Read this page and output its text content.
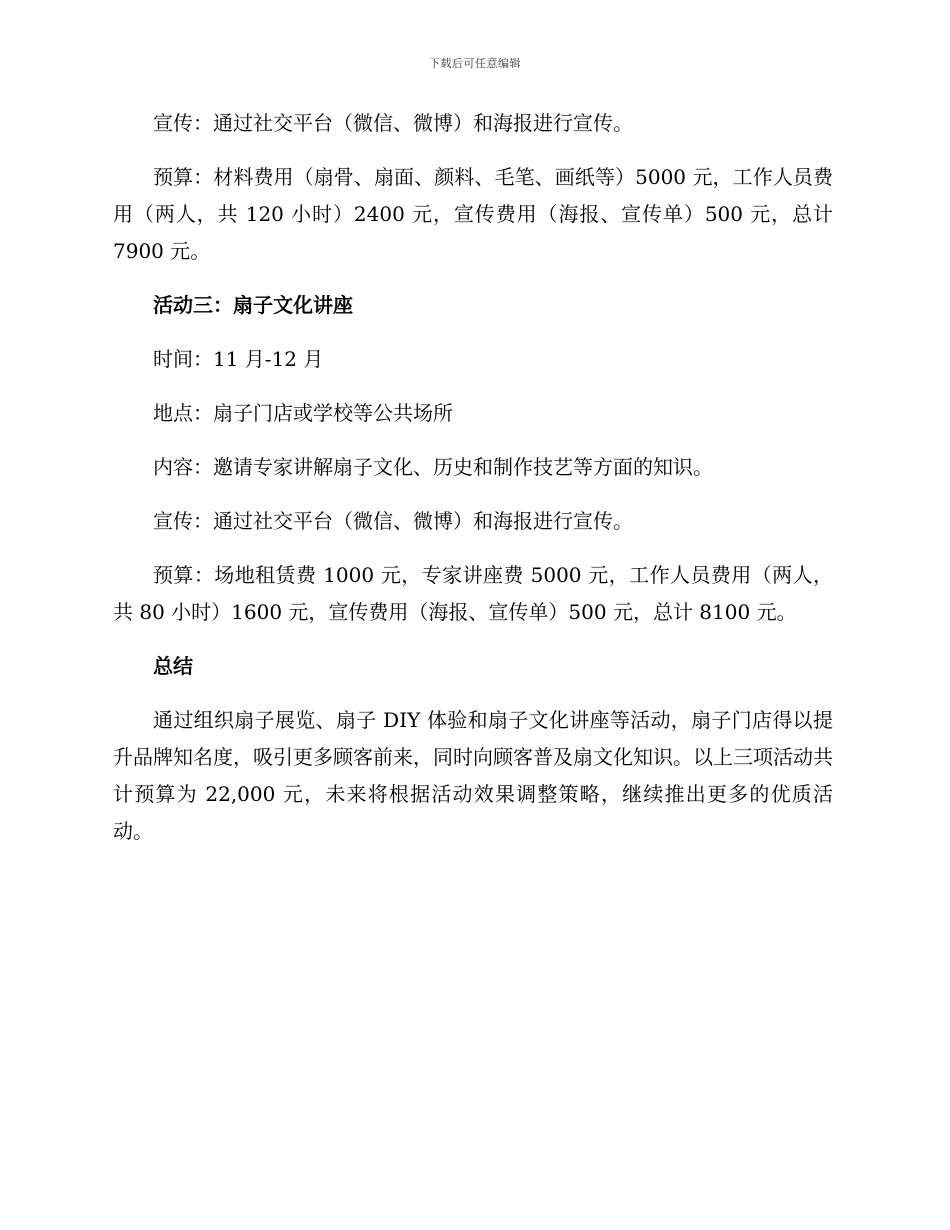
下载后可任意编辑

宣传：通过社交平台（微信、微博）和海报进行宣传。

预算：材料费用（扇骨、扇面、颜料、毛笔、画纸等）5000 元，工作人员费用（两人，共 120 小时）2400 元，宣传费用（海报、宣传单）500 元，总计 7900 元。

活动三：扇子文化讲座

时间：11 月-12 月

地点：扇子门店或学校等公共场所

内容：邀请专家讲解扇子文化、历史和制作技艺等方面的知识。

宣传：通过社交平台（微信、微博）和海报进行宣传。

预算：场地租赁费 1000 元，专家讲座费 5000 元，工作人员费用（两人，共 80 小时）1600 元，宣传费用（海报、宣传单）500 元，总计 8100 元。

总结

通过组织扇子展览、扇子 DIY 体验和扇子文化讲座等活动，扇子门店得以提升品牌知名度，吸引更多顾客前来，同时向顾客普及扇文化知识。以上三项活动共计预算为 22,000 元，未来将根据活动效果调整策略，继续推出更多的优质活动。
